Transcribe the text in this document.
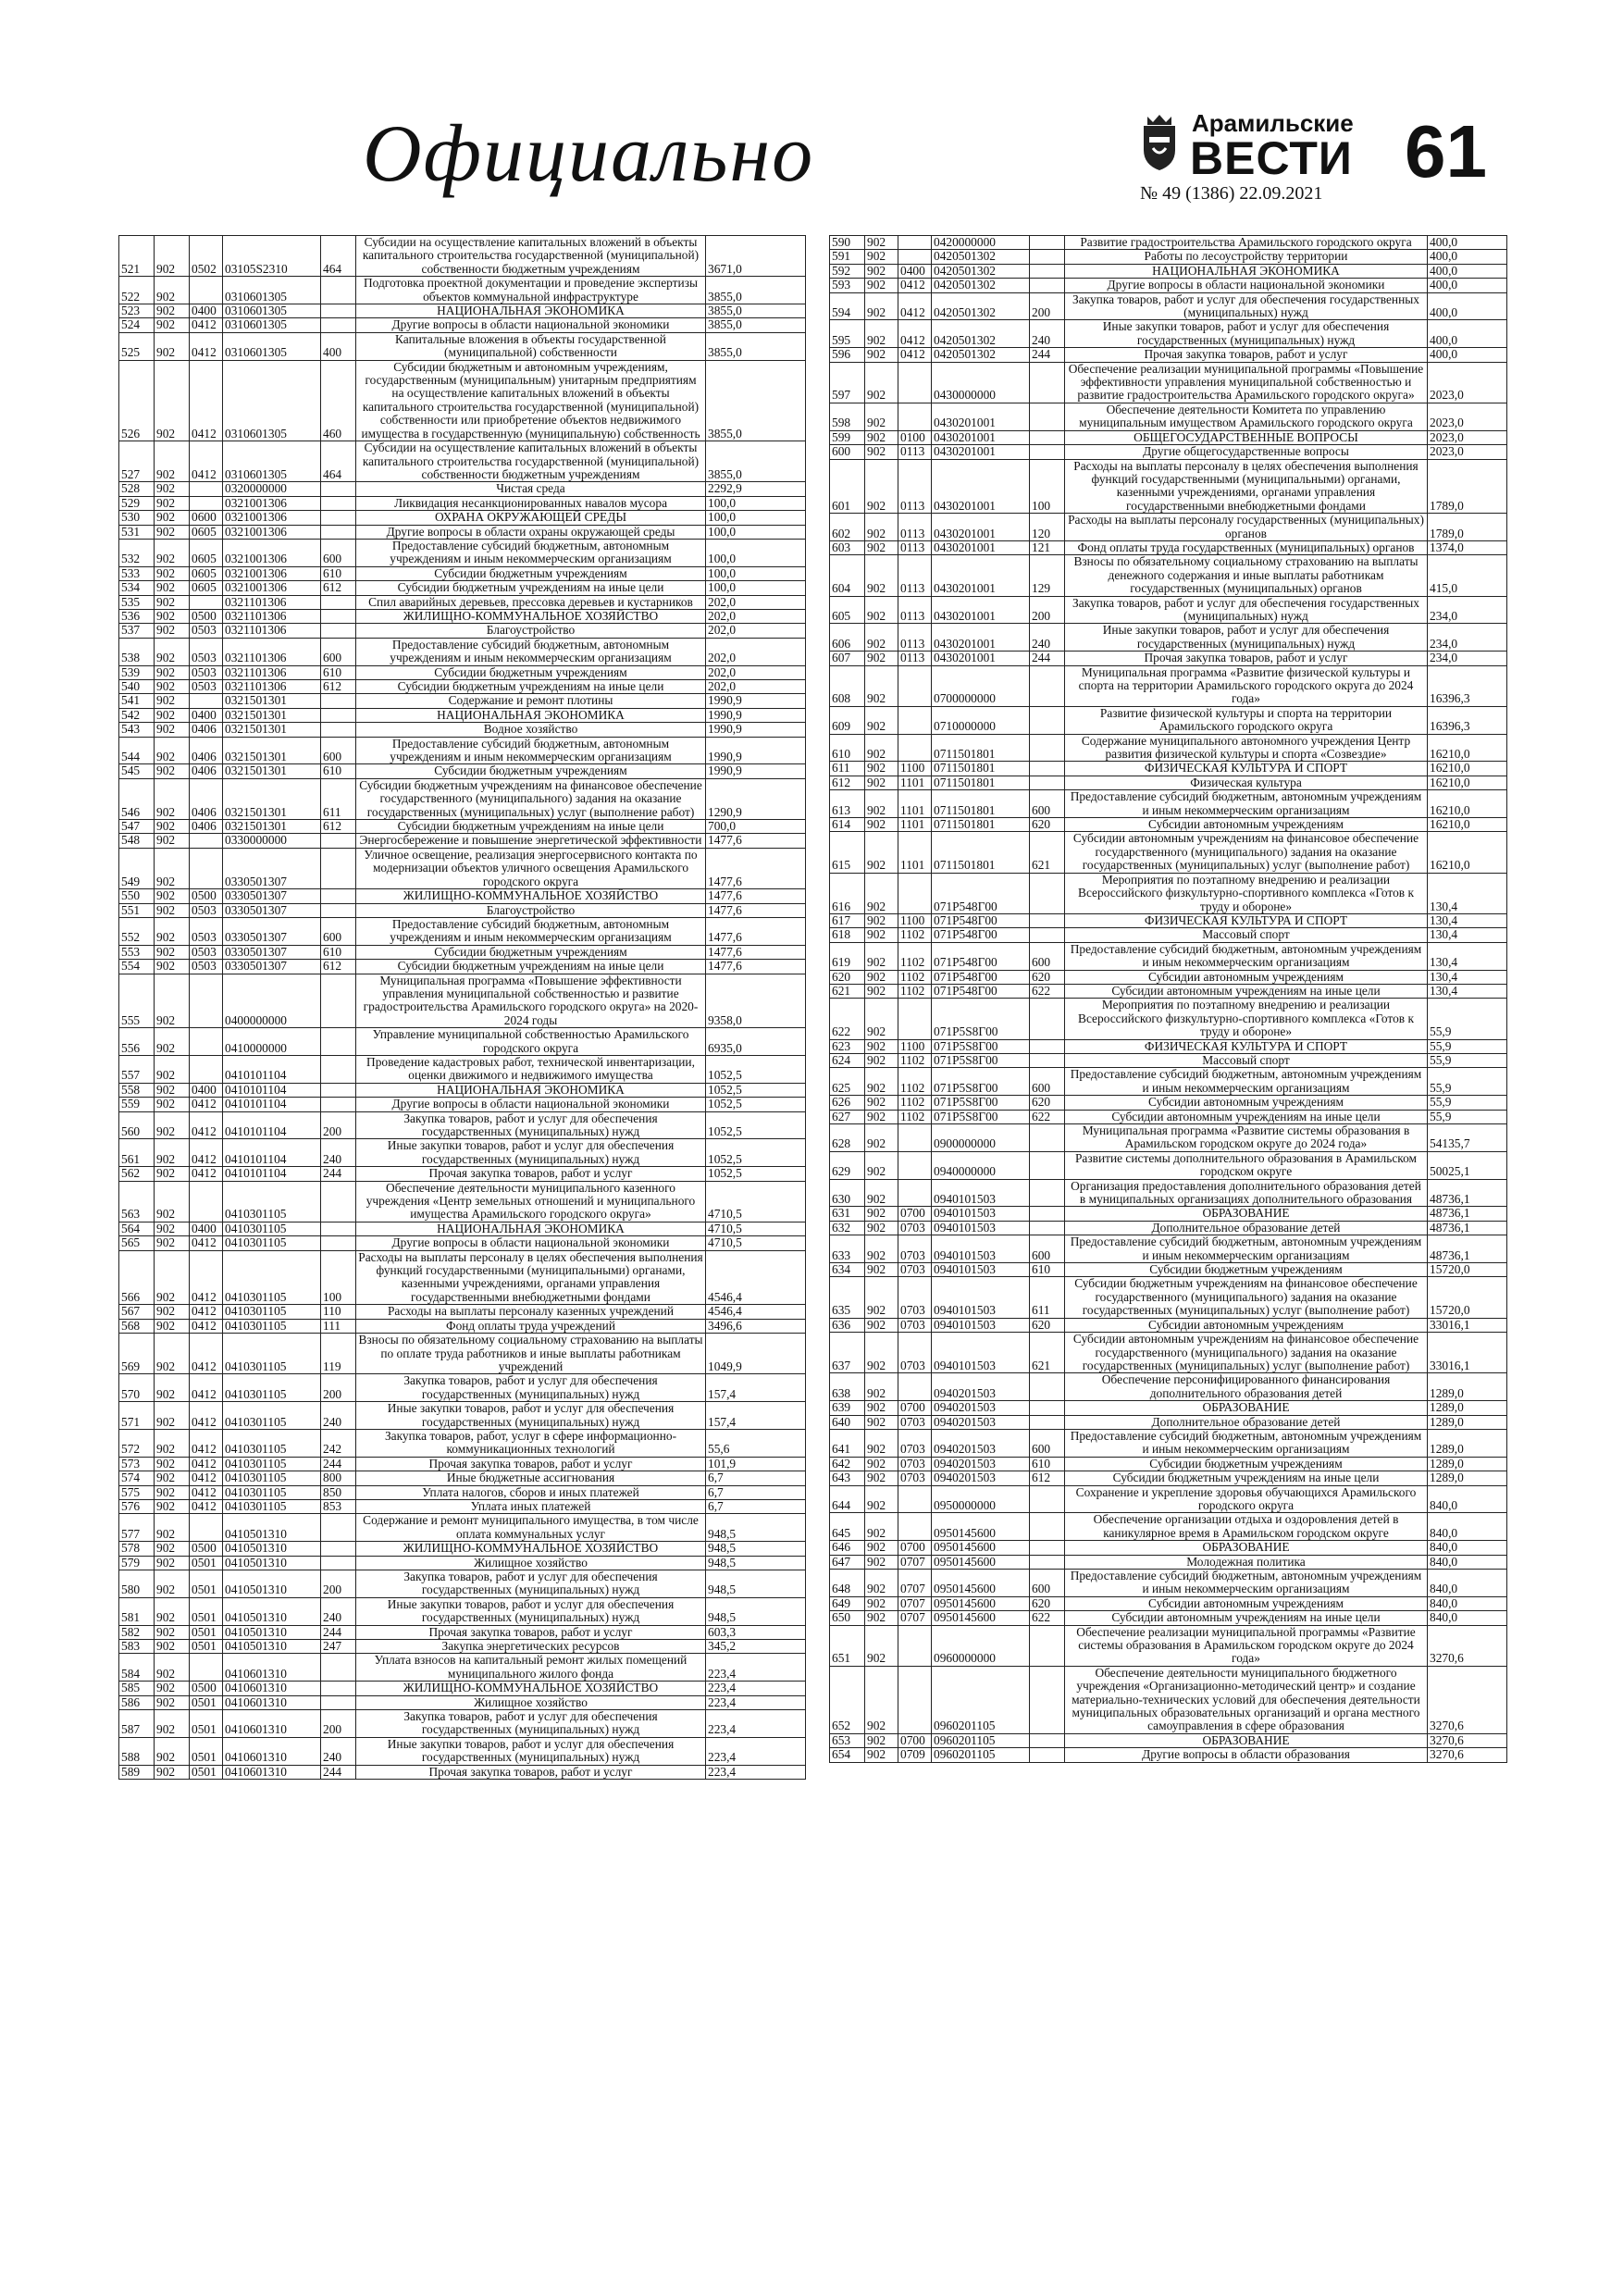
Официально	Арамильские
ВЕСТИ
№ 49 (1386) 22.09.2021
61
521	902	0502	03105S2310	464	Субсидии на осуществление капитальных вложений в объекты капитального строительства государственной (муниципальной) собственности бюджетным учреждениям	3671,0
522	902		0310601305		Подготовка проектной документации и проведение экспертизы объектов коммунальной инфраструктуре	3855,0
523	902	0400	0310601305		НАЦИОНАЛЬНАЯ ЭКОНОМИКА	3855,0
524	902	0412	0310601305		Другие вопросы в области национальной экономики	3855,0
525	902	0412	0310601305	400	Капитальные вложения в объекты государственной (муниципальной) собственности	3855,0
526	902	0412	0310601305	460	Субсидии бюджетным и автономным учреждениям, государственным (муниципальным) унитарным предприятиям на осуществление капитальных вложений в объекты капитального строительства государственной (муниципальной) собственности или приобретение объектов недвижимого имущества в государственную (муниципальную) собственность	3855,0
527	902	0412	0310601305	464	Субсидии на осуществление капитальных вложений в объекты капитального строительства государственной (муниципальной) собственности бюджетным учреждениям	3855,0
528	902		0320000000		Чистая среда	2292,9
529	902		0321001306		Ликвидация несанкционированных навалов мусора	100,0
530	902	0600	0321001306		ОХРАНА ОКРУЖАЮЩЕЙ СРЕДЫ	100,0
531	902	0605	0321001306		Другие вопросы в области охраны окружающей среды	100,0
532	902	0605	0321001306	600	Предоставление субсидий бюджетным, автономным учреждениям и иным некоммерческим организациям	100,0
533	902	0605	0321001306	610	Субсидии бюджетным учреждениям	100,0
534	902	0605	0321001306	612	Субсидии бюджетным учреждениям на иные цели	100,0
535	902		0321101306		Спил аварийных деревьев, прессовка деревьев и кустарников	202,0
536	902	0500	0321101306		ЖИЛИЩНО-КОММУНАЛЬНОЕ ХОЗЯЙСТВО	202,0
537	902	0503	0321101306		Благоустройство	202,0
538	902	0503	0321101306	600	Предоставление субсидий бюджетным, автономным учреждениям и иным некоммерческим организациям	202,0
539	902	0503	0321101306	610	Субсидии бюджетным учреждениям	202,0
540	902	0503	0321101306	612	Субсидии бюджетным учреждениям на иные цели	202,0
541	902		0321501301		Содержание и ремонт плотины	1990,9
542	902	0400	0321501301		НАЦИОНАЛЬНАЯ ЭКОНОМИКА	1990,9
543	902	0406	0321501301		Водное хозяйство	1990,9
544	902	0406	0321501301	600	Предоставление субсидий бюджетным, автономным учреждениям и иным некоммерческим организациям	1990,9
545	902	0406	0321501301	610	Субсидии бюджетным учреждениям	1990,9
546	902	0406	0321501301	611	Субсидии бюджетным учреждениям на финансовое обеспечение государственного (муниципального) задания на оказание государственных (муниципальных) услуг (выполнение работ)	1290,9
547	902	0406	0321501301	612	Субсидии бюджетным учреждениям на иные цели	700,0
548	902		0330000000		Энергосбережение и повышение энергетической эффективности	1477,6
549	902		0330501307		Уличное освещение, реализация энергосервисного контакта по модернизации объектов уличного освещения Арамильского городского округа	1477,6
550	902	0500	0330501307		ЖИЛИЩНО-КОММУНАЛЬНОЕ ХОЗЯЙСТВО	1477,6
551	902	0503	0330501307		Благоустройство	1477,6
552	902	0503	0330501307	600	Предоставление субсидий бюджетным, автономным учреждениям и иным некоммерческим организациям	1477,6
553	902	0503	0330501307	610	Субсидии бюджетным учреждениям	1477,6
554	902	0503	0330501307	612	Субсидии бюджетным учреждениям на иные цели	1477,6
555	902		0400000000		Муниципальная программа «Повышение эффективности управления муниципальной собственностью и развитие градостроительства Арамильского городского округа» на 2020-2024 годы	9358,0
556	902		0410000000		Управление муниципальной собственностью Арамильского городского округа	6935,0
557	902		0410101104		Проведение кадастровых работ, технической инвентаризации, оценки движимого и недвижимого имущества	1052,5
558	902	0400	0410101104		НАЦИОНАЛЬНАЯ ЭКОНОМИКА	1052,5
559	902	0412	0410101104		Другие вопросы в области национальной экономики	1052,5
560	902	0412	0410101104	200	Закупка товаров, работ и услуг для обеспечения государственных (муниципальных) нужд	1052,5
561	902	0412	0410101104	240	Иные закупки товаров, работ и услуг для обеспечения государственных (муниципальных) нужд	1052,5
562	902	0412	0410101104	244	Прочая закупка товаров, работ и услуг	1052,5
563	902		0410301105		Обеспечение деятельности муниципального казенного учреждения «Центр земельных отношений и муниципального имущества Арамильского городского округа»	4710,5
564	902	0400	0410301105		НАЦИОНАЛЬНАЯ ЭКОНОМИКА	4710,5
565	902	0412	0410301105		Другие вопросы в области национальной экономики	4710,5
566	902	0412	0410301105	100	Расходы на выплаты персоналу в целях обеспечения выполнения функций государственными (муниципальными) органами, казенными учреждениями, органами управления государственными внебюджетными фондами	4546,4
567	902	0412	0410301105	110	Расходы на выплаты персоналу казенных учреждений	4546,4
568	902	0412	0410301105	111	Фонд оплаты труда учреждений	3496,6
569	902	0412	0410301105	119	Взносы по обязательному социальному страхованию на выплаты по оплате труда работников и иные выплаты работникам учреждений	1049,9
570	902	0412	0410301105	200	Закупка товаров, работ и услуг для обеспечения государственных (муниципальных) нужд	157,4
571	902	0412	0410301105	240	Иные закупки товаров, работ и услуг для обеспечения государственных (муниципальных) нужд	157,4
572	902	0412	0410301105	242	Закупка товаров, работ, услуг в сфере информационно-коммуникационных технологий	55,6
573	902	0412	0410301105	244	Прочая закупка товаров, работ и услуг	101,9
574	902	0412	0410301105	800	Иные бюджетные ассигнования	6,7
575	902	0412	0410301105	850	Уплата налогов, сборов и иных платежей	6,7
576	902	0412	0410301105	853	Уплата иных платежей	6,7
577	902		0410501310		Содержание и ремонт муниципального имущества, в том числе оплата коммунальных услуг	948,5
578	902	0500	0410501310		ЖИЛИЩНО-КОММУНАЛЬНОЕ ХОЗЯЙСТВО	948,5
579	902	0501	0410501310		Жилищное хозяйство	948,5
580	902	0501	0410501310	200	Закупка товаров, работ и услуг для обеспечения государственных (муниципальных) нужд	948,5
581	902	0501	0410501310	240	Иные закупки товаров, работ и услуг для обеспечения государственных (муниципальных) нужд	948,5
582	902	0501	0410501310	244	Прочая закупка товаров, работ и услуг	603,3
583	902	0501	0410501310	247	Закупка энергетических ресурсов	345,2
584	902		0410601310		Уплата взносов на капитальный ремонт жилых помещений муниципального жилого фонда	223,4
585	902	0500	0410601310		ЖИЛИЩНО-КОММУНАЛЬНОЕ ХОЗЯЙСТВО	223,4
586	902	0501	0410601310		Жилищное хозяйство	223,4
587	902	0501	0410601310	200	Закупка товаров, работ и услуг для обеспечения государственных (муниципальных) нужд	223,4
588	902	0501	0410601310	240	Иные закупки товаров, работ и услуг для обеспечения государственных (муниципальных) нужд	223,4
589	902	0501	0410601310	244	Прочая закупка товаров, работ и услуг	223,4
590	902		0420000000		Развитие градостроительства Арамильского городского округа	400,0
591	902		0420501302		Работы по лесоустройству территории	400,0
592	902	0400	0420501302		НАЦИОНАЛЬНАЯ ЭКОНОМИКА	400,0
593	902	0412	0420501302		Другие вопросы в области национальной экономики	400,0
594	902	0412	0420501302	200	Закупка товаров, работ и услуг для обеспечения государственных (муниципальных) нужд	400,0
595	902	0412	0420501302	240	Иные закупки товаров, работ и услуг для обеспечения государственных (муниципальных) нужд	400,0
596	902	0412	0420501302	244	Прочая закупка товаров, работ и услуг	400,0
597	902		0430000000		Обеспечение реализации муниципальной программы «Повышение эффективности управления муниципальной собственностью и развитие градостроительства Арамильского городского округа»	2023,0
598	902		0430201001		Обеспечение деятельности Комитета по управлению муниципальным имуществом Арамильского городского округа	2023,0
599	902	0100	0430201001		ОБЩЕГОСУДАРСТВЕННЫЕ ВОПРОСЫ	2023,0
600	902	0113	0430201001		Другие общегосударственные вопросы	2023,0
601	902	0113	0430201001	100	Расходы на выплаты персоналу в целях обеспечения выполнения функций государственными (муниципальными) органами, казенными учреждениями, органами управления государственными внебюджетными фондами	1789,0
602	902	0113	0430201001	120	Расходы на выплаты персоналу государственных (муниципальных) органов	1789,0
603	902	0113	0430201001	121	Фонд оплаты труда государственных (муниципальных) органов	1374,0
604	902	0113	0430201001	129	Взносы по обязательному социальному страхованию на выплаты денежного содержания и иные выплаты работникам государственных (муниципальных) органов	415,0
605	902	0113	0430201001	200	Закупка товаров, работ и услуг для обеспечения государственных (муниципальных) нужд	234,0
606	902	0113	0430201001	240	Иные закупки товаров, работ и услуг для обеспечения государственных (муниципальных) нужд	234,0
607	902	0113	0430201001	244	Прочая закупка товаров, работ и услуг	234,0
608	902		0700000000		Муниципальная программа «Развитие физической культуры и спорта на территории Арамильского городского округа до 2024 года»	16396,3
609	902		0710000000		Развитие физической культуры и спорта на территории Арамильского городского округа	16396,3
610	902		0711501801		Содержание муниципального автономного учреждения Центр развития физической культуры и спорта «Созвездие»	16210,0
611	902	1100	0711501801		ФИЗИЧЕСКАЯ КУЛЬТУРА И СПОРТ	16210,0
612	902	1101	0711501801		Физическая культура	16210,0
613	902	1101	0711501801	600	Предоставление субсидий бюджетным, автономным учреждениям и иным некоммерческим организациям	16210,0
614	902	1101	0711501801	620	Субсидии автономным учреждениям	16210,0
615	902	1101	0711501801	621	Субсидии автономным учреждениям на финансовое обеспечение государственного (муниципального) задания на оказание государственных (муниципальных) услуг (выполнение работ)	16210,0
616	902		071P548Г00		Мероприятия по поэтапному внедрению и реализации Всероссийского физкультурно-спортивного комплекса «Готов к труду и обороне»	130,4
617	902	1100	071P548Г00		ФИЗИЧЕСКАЯ КУЛЬТУРА И СПОРТ	130,4
618	902	1102	071P548Г00		Массовый спорт	130,4
619	902	1102	071P548Г00	600	Предоставление субсидий бюджетным, автономным учреждениям и иным некоммерческим организациям	130,4
620	902	1102	071P548Г00	620	Субсидии автономным учреждениям	130,4
621	902	1102	071P548Г00	622	Субсидии автономным учреждениям на иные цели	130,4
622	902		071P5S8Г00		Мероприятия по поэтапному внедрению и реализации Всероссийского физкультурно-спортивного комплекса «Готов к труду и обороне»	55,9
623	902	1100	071P5S8Г00		ФИЗИЧЕСКАЯ КУЛЬТУРА И СПОРТ	55,9
624	902	1102	071P5S8Г00		Массовый спорт	55,9
625	902	1102	071P5S8Г00	600	Предоставление субсидий бюджетным, автономным учреждениям и иным некоммерческим организациям	55,9
626	902	1102	071P5S8Г00	620	Субсидии автономным учреждениям	55,9
627	902	1102	071P5S8Г00	622	Субсидии автономным учреждениям на иные цели	55,9
628	902		0900000000		Муниципальная программа «Развитие системы образования в Арамильском городском округе до 2024 года»	54135,7
629	902		0940000000		Развитие системы дополнительного образования в Арамильском городском округе	50025,1
630	902		0940101503		Организация предоставления дополнительного образования детей в муниципальных организациях дополнительного образования	48736,1
631	902	0700	0940101503		ОБРАЗОВАНИЕ	48736,1
632	902	0703	0940101503		Дополнительное образование детей	48736,1
633	902	0703	0940101503	600	Предоставление субсидий бюджетным, автономным учреждениям и иным некоммерческим организациям	48736,1
634	902	0703	0940101503	610	Субсидии бюджетным учреждениям	15720,0
635	902	0703	0940101503	611	Субсидии бюджетным учреждениям на финансовое обеспечение государственного (муниципального) задания на оказание государственных (муниципальных) услуг (выполнение работ)	15720,0
636	902	0703	0940101503	620	Субсидии автономным учреждениям	33016,1
637	902	0703	0940101503	621	Субсидии автономным учреждениям на финансовое обеспечение государственного (муниципального) задания на оказание государственных (муниципальных) услуг (выполнение работ)	33016,1
638	902		0940201503		Обеспечение персонифицированного финансирования дополнительного образования детей	1289,0
639	902	0700	0940201503		ОБРАЗОВАНИЕ	1289,0
640	902	0703	0940201503		Дополнительное образование детей	1289,0
641	902	0703	0940201503	600	Предоставление субсидий бюджетным, автономным учреждениям и иным некоммерческим организациям	1289,0
642	902	0703	0940201503	610	Субсидии бюджетным учреждениям	1289,0
643	902	0703	0940201503	612	Субсидии бюджетным учреждениям на иные цели	1289,0
644	902		0950000000		Сохранение и укрепление здоровья обучающихся Арамильского городского округа	840,0
645	902		0950145600		Обеспечение организации отдыха и оздоровления детей в каникулярное время в Арамильском городском округе	840,0
646	902	0700	0950145600		ОБРАЗОВАНИЕ	840,0
647	902	0707	0950145600		Молодежная политика	840,0
648	902	0707	0950145600	600	Предоставление субсидий бюджетным, автономным учреждениям и иным некоммерческим организациям	840,0
649	902	0707	0950145600	620	Субсидии автономным учреждениям	840,0
650	902	0707	0950145600	622	Субсидии автономным учреждениям на иные цели	840,0
651	902		0960000000		Обеспечение реализации муниципальной программы «Развитие системы образования в Арамильском городском округе до 2024 года»	3270,6
652	902		0960201105		Обеспечение деятельности муниципального бюджетного учреждения «Организационно-методический центр» и создание материально-технических условий для обеспечения деятельности муниципальных образовательных организаций и органа местного самоуправления в сфере образования	3270,6
653	902	0700	0960201105		ОБРАЗОВАНИЕ	3270,6
654	902	0709	0960201105		Другие вопросы в области образования	3270,6
